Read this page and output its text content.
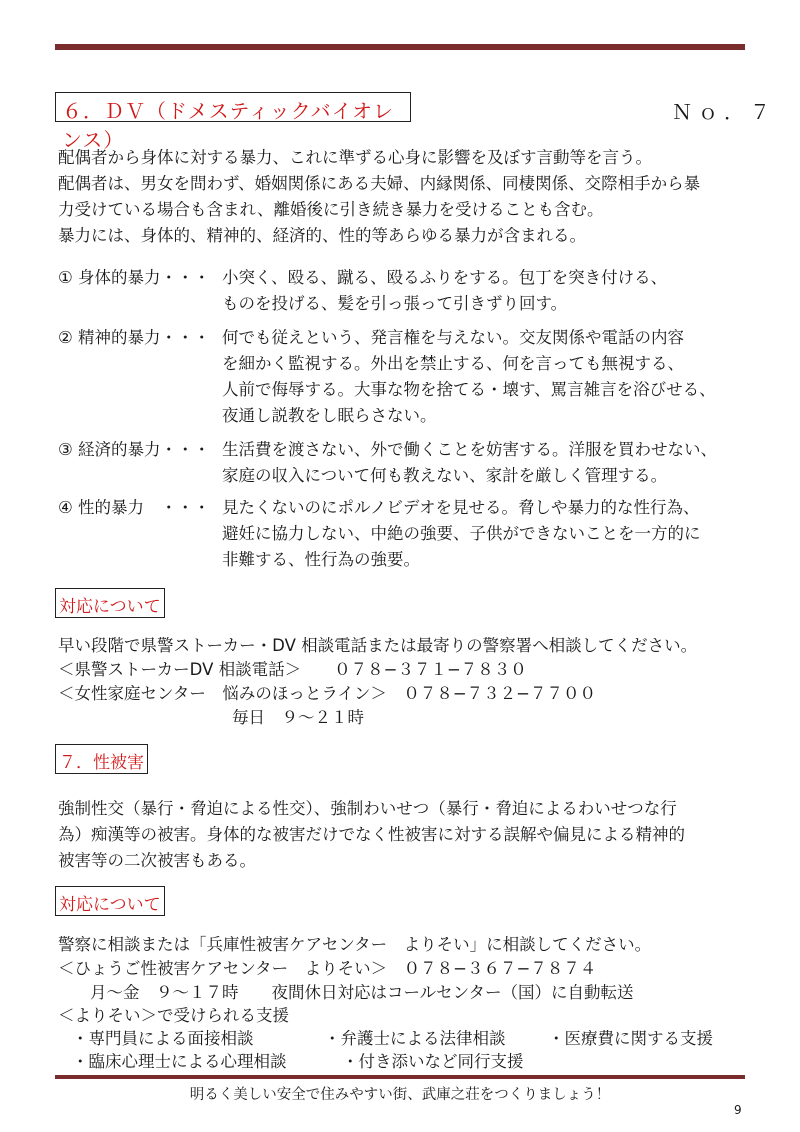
６．ＤＶ（ドメスティックバイオレンス）
Ｎｏ．７
配偶者から身体に対する暴力、これに準ずる心身に影響を及ぼす言動等を言う。
配偶者は、男女を問わず、婚姻関係にある夫婦、内縁関係、同棲関係、交際相手から暴
力受けている場合も含まれ、離婚後に引き続き暴力を受けることも含む。
暴力には、身体的、精神的、経済的、性的等あらゆる暴力が含まれる。
① 身体的暴力・・・ 小突く、殴る、蹴る、殴るふりをする。包丁を突き付ける、
ものを投げる、髪を引っ張って引きずり回す。
② 精神的暴力・・・ 何でも従えという、発言権を与えない。交友関係や電話の内容
を細かく監視する。外出を禁止する、何を言っても無視する、
人前で侮辱する。大事な物を捨てる・壊す、罵言雑言を浴びせる、
夜通し説教をし眠らさない。
③ 経済的暴力・・・ 生活費を渡さない、外で働くことを妨害する。洋服を買わせない、
家庭の収入について何も教えない、家計を厳しく管理する。
④ 性的暴力　・・・ 見たくないのにポルノビデオを見せる。脅しや暴力的な性行為、
避妊に協力しない、中絶の強要、子供ができないことを一方的に
非難する、性行為の強要。
対応について
早い段階で県警ストーカー・DV 相談電話または最寄りの警察署へ相談してください。
＜県警ストーカーDV 相談電話＞　　０７８−３７１−７８３０
＜女性家庭センター　悩みのほっとライン＞　０７８−７３２−７７００
毎日　９〜２１時
７．性被害
強制性交（暴行・脅迫による性交）、強制わいせつ（暴行・脅迫によるわいせつな行
為）痴漢等の被害。身体的な被害だけでなく性被害に対する誤解や偏見による精神的
被害等の二次被害もある。
対応について
警察に相談または「兵庫性被害ケアセンター　よりそい」に相談してください。
＜ひょうご性被害ケアセンター　よりそい＞　０７８−３６７−７８７４
月〜金　９〜１７時　　夜間休日対応はコールセンター（国）に自動転送
＜よりそい＞で受けられる支援
・専門員による面接相談	・弁護士による法律相談	・医療費に関する支援
・臨床心理士による心理相談	・付き添いなど同行支援
明るく美しい安全で住みやすい街、武庫之荘をつくりましょう！
9
